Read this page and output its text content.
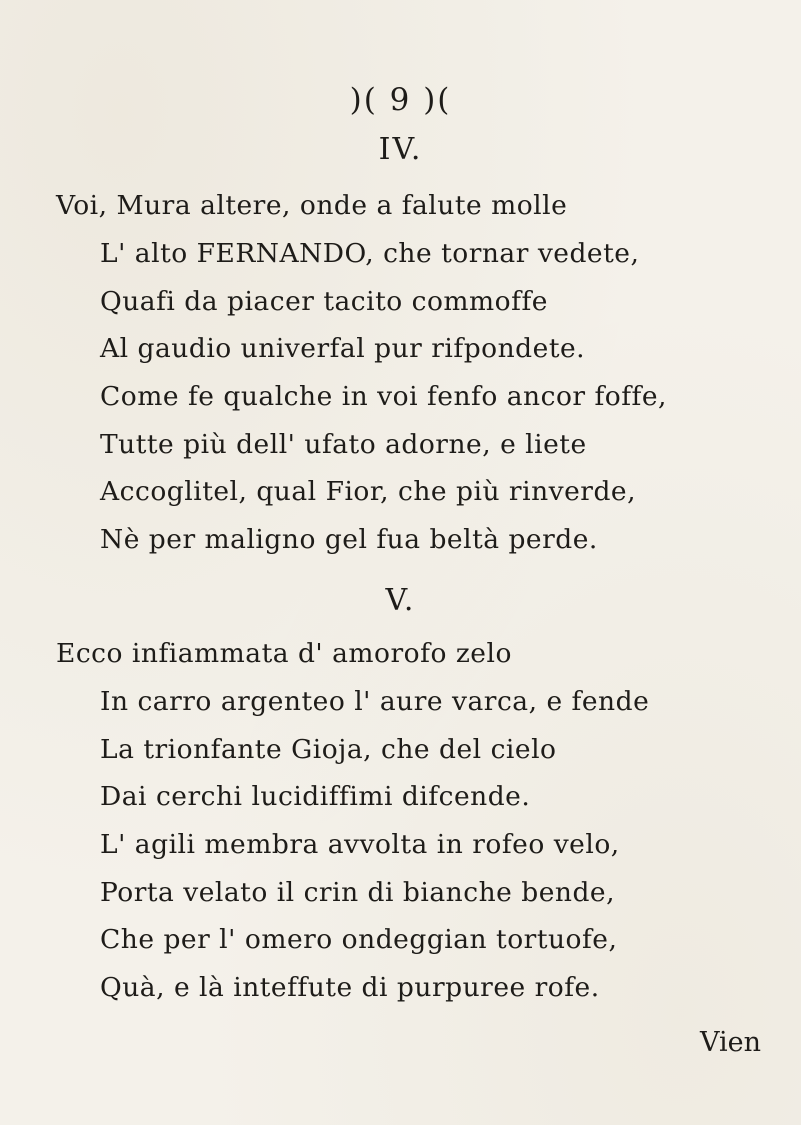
)( 9 )(
IV.
Voi, Mura altere, onde a falute molle
L' alto FERNANDO, che tornar vedete,
Quafi da piacer tacito commoffe
Al gaudio univerfal pur rifpondete.
Come fe qualche in voi fenfo ancor foffe,
Tutte più dell' ufato adorne, e liete
Accoglitel, qual Fior, che più rinverde,
Nè per maligno gel fua beltà perde.
V.
Ecco infiammata d' amorofo zelo
In carro argenteo l' aure varca, e fende
La trionfante Gioja, che del cielo
Dai cerchi lucidiffimi difcende.
L' agili membra avvolta in rofeo velo,
Porta velato il crin di bianche bende,
Che per l' omero ondeggian tortuofe,
Quà, e là inteffute di purpuree rofe.
Vien
